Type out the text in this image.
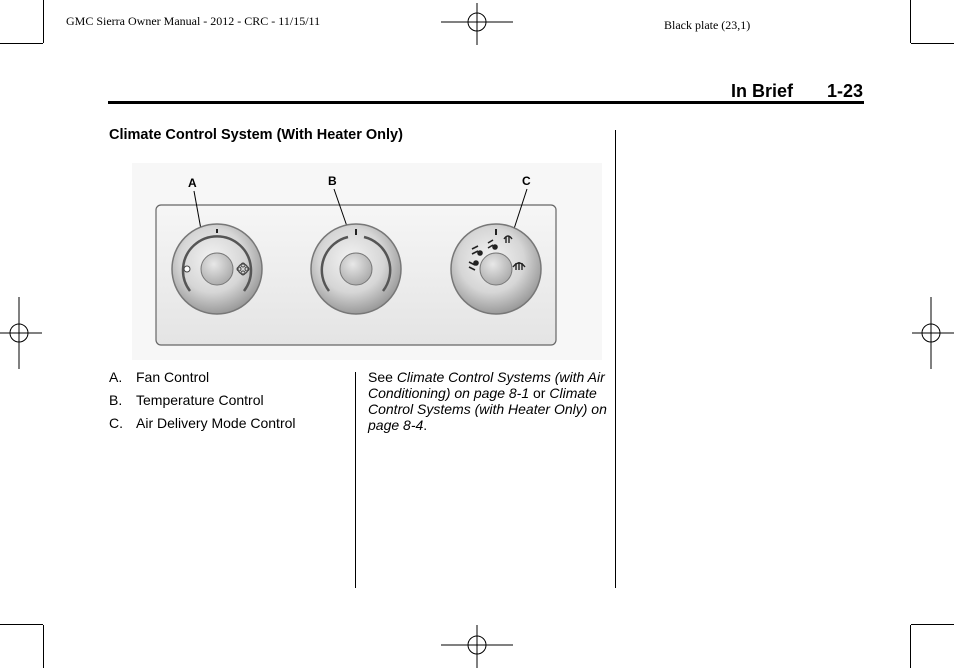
GMC Sierra Owner Manual - 2012 - CRC - 11/15/11	Black plate (23,1)
In Brief 1-23
Climate Control System (With Heater Only)
A	B	C
A. Fan Control
B. Temperature Control
C. Air Delivery Mode Control
See Climate Control Systems (with Air Conditioning) on page 8-1 or Climate Control Systems (with Heater Only) on page 8-4.
